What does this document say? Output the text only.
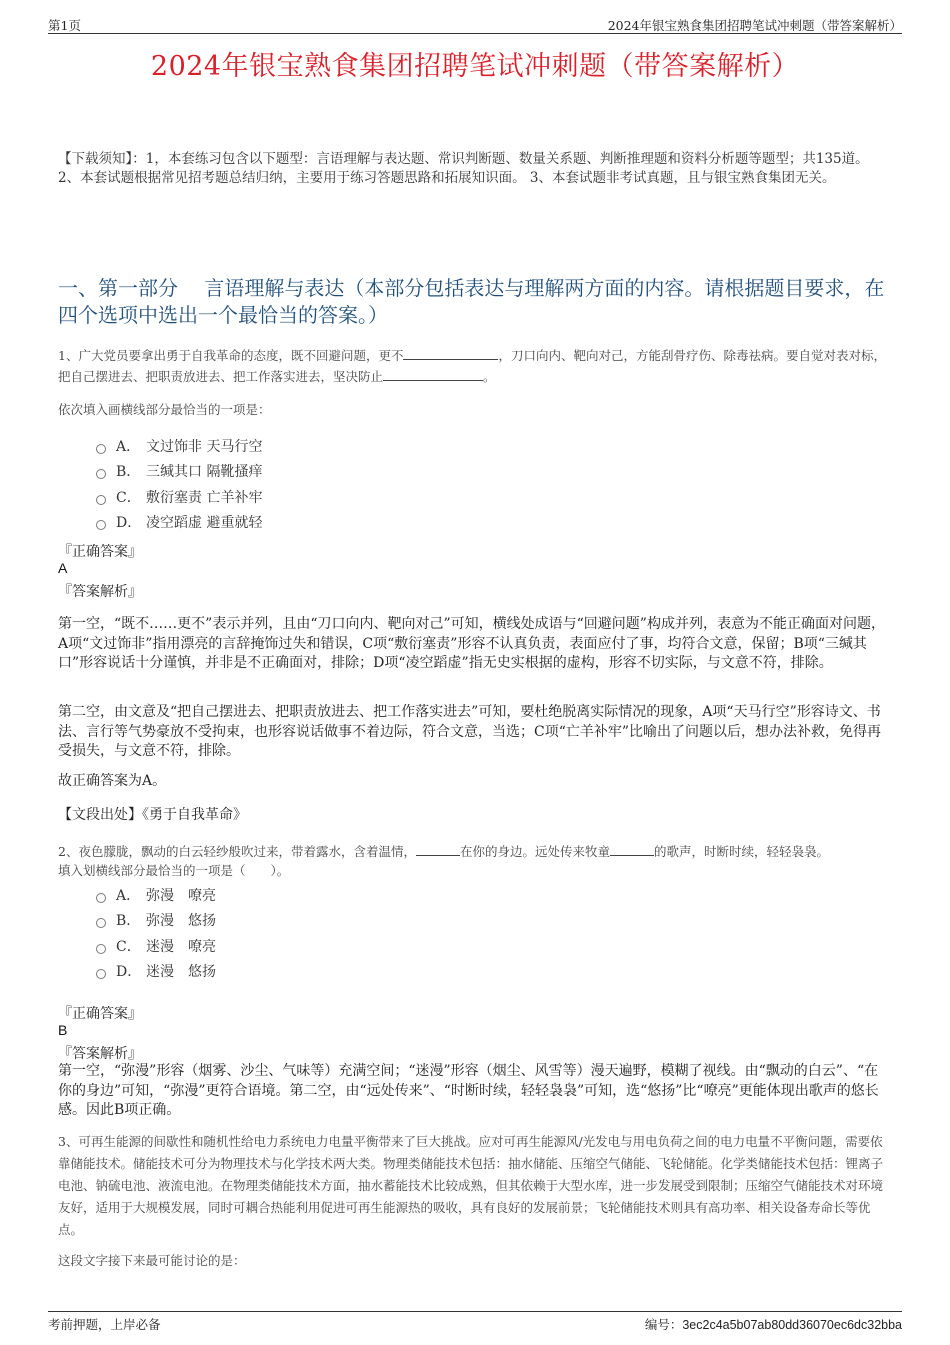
第1页	2024年银宝熟食集团招聘笔试冲刺题（带答案解析）
2024年银宝熟食集团招聘笔试冲刺题（带答案解析）
【下载须知】：1，本套练习包含以下题型：言语理解与表达题、常识判断题、数量关系题、判断推理题和资料分析题等题型；共135道。 2、本套试题根据常见招考题总结归纳，主要用于练习答题思路和拓展知识面。 3、本套试题非考试真题，且与银宝熟食集团无关。
一、第一部分　 言语理解与表达（本部分包括表达与理解两方面的内容。请根据题目要求，在四个选项中选出一个最恰当的答案。）
1、广大党员要拿出勇于自我革命的态度，既不回避问题，更不	，刀口向内、靶向对己，方能刮骨疗伤、除毒祛病。要自觉对表对标，把自己摆进去、把职责放进去、把工作落实进去，坚决防止	。
依次填入画横线部分最恰当的一项是：
A． 文过饰非 天马行空
B． 三缄其口 隔靴搔痒
C． 敷衍塞责 亡羊补牢
D． 凌空蹈虚 避重就轻
『正确答案』
A
『答案解析』
第一空，“既不……更不”表示并列，且由“刀口向内、靶向对己”可知，横线处成语与“回避问题”构成并列，表意为不能正确面对问题，A项“文过饰非”指用漂亮的言辞掩饰过失和错误，C项“敷衍塞责”形容不认真负责，表面应付了事，均符合文意，保留；B项“三缄其口”形容说话十分谨慎，并非是不正确面对，排除；D项“凌空蹈虚”指无史实根据的虚构，形容不切实际，与文意不符，排除。
第二空，由文意及“把自己摆进去、把职责放进去、把工作落实进去”可知，要杜绝脱离实际情况的现象，A项“天马行空”形容诗文、书法、言行等气势豪放不受拘束，也形容说话做事不着边际，符合文意，当选；C项“亡羊补牢”比喻出了问题以后，想办法补救，免得再受损失，与文意不符，排除。
故正确答案为A。
【文段出处】《勇于自我革命》
2、夜色朦胧，飘动的白云轻纱般吹过来，带着露水，含着温情，	在你的身边。远处传来牧童	的歌声，时断时续，轻轻袅袅。
填入划横线部分最恰当的一项是（　　）。
A． 弥漫　嘹亮
B． 弥漫　悠扬
C． 迷漫　嘹亮
D． 迷漫　悠扬
『正确答案』
B
『答案解析』
第一空，“弥漫”形容（烟雾、沙尘、气味等）充满空间；“迷漫”形容（烟尘、风雪等）漫天遍野，模糊了视线。由“飘动的白云”、“在你的身边”可知，“弥漫”更符合语境。第二空，由“远处传来”、“时断时续，轻轻袅袅”可知，选“悠扬”比“嘹亮”更能体现出歌声的悠长感。因此B项正确。
3、可再生能源的间歇性和随机性给电力系统电力电量平衡带来了巨大挑战。应对可再生能源风/光发电与用电负荷之间的电力电量不平衡问题，需要依靠储能技术。储能技术可分为物理技术与化学技术两大类。物理类储能技术包括：抽水储能、压缩空气储能、飞轮储能。化学类储能技术包括：锂离子电池、钠硫电池、液流电池。在物理类储能技术方面，抽水蓄能技术比较成熟，但其依赖于大型水库，进一步发展受到限制；压缩空气储能技术对环境友好，适用于大规模发展，同时可耦合热能利用促进可再生能源热的吸收，具有良好的发展前景；飞轮储能技术则具有高功率、相关设备寿命长等优点。
这段文字接下来最可能讨论的是：
考前押题，上岸必备	编号：3ec2c4a5b07ab80dd36070ec6dc32bba
